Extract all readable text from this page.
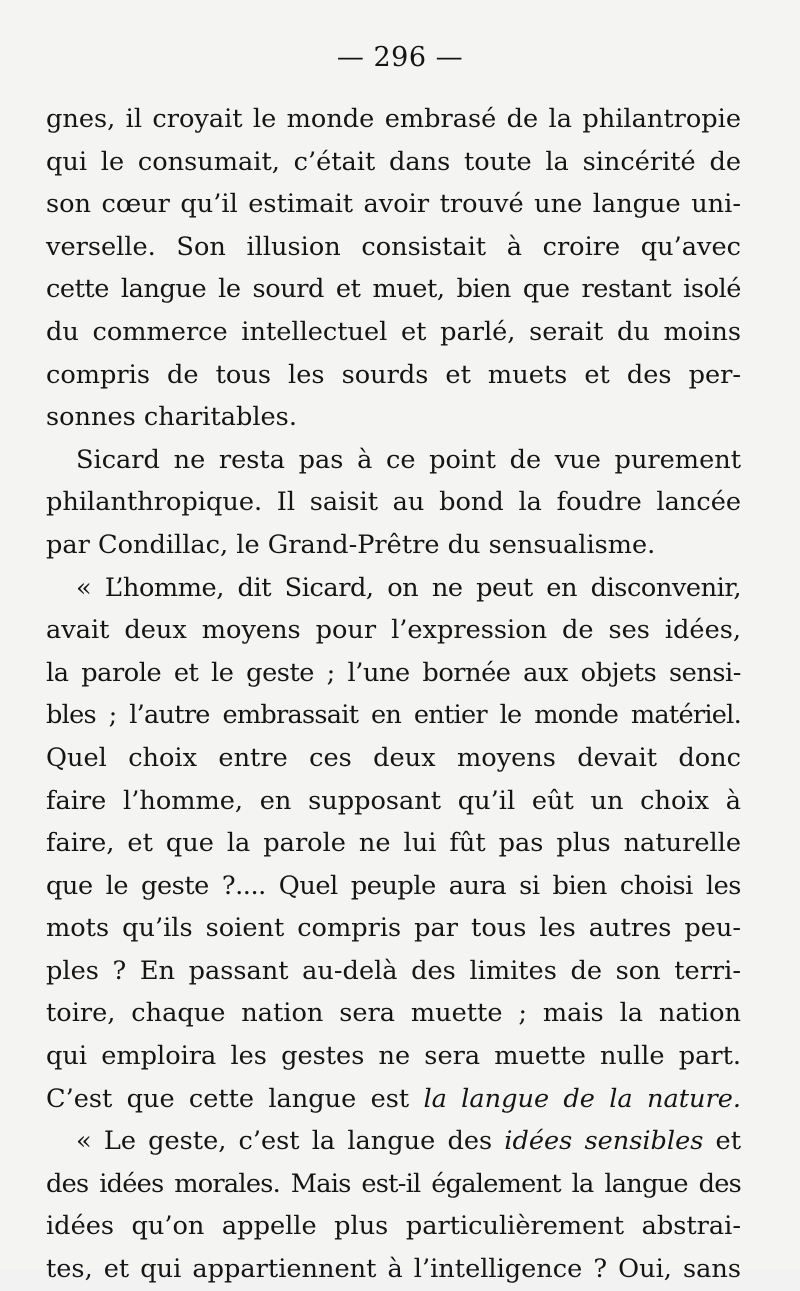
— 296 —
gnes, il croyait le monde embrasé de la philantropie
qui le consumait, c’était dans toute la sincérité de
son cœur qu’il estimait avoir trouvé une langue uni-
verselle. Son illusion consistait à croire qu’avec
cette langue le sourd et muet, bien que restant isolé
du commerce intellectuel et parlé, serait du moins
compris de tous les sourds et muets et des per-
sonnes charitables.
Sicard ne resta pas à ce point de vue purement
philanthropique. Il saisit au bond la foudre lancée
par Condillac, le Grand-Prêtre du sensualisme.
« L’homme, dit Sicard, on ne peut en disconvenir,
avait deux moyens pour l’expression de ses idées,
la parole et le geste ; l’une bornée aux objets sensi-
bles ; l’autre embrassait en entier le monde matériel.
Quel choix entre ces deux moyens devait donc
faire l’homme, en supposant qu’il eût un choix à
faire, et que la parole ne lui fût pas plus naturelle
que le geste ?.... Quel peuple aura si bien choisi les
mots qu’ils soient compris par tous les autres peu-
ples ? En passant au-delà des limites de son terri-
toire, chaque nation sera muette ; mais la nation
qui emploira les gestes ne sera muette nulle part.
C’est que cette langue est la langue de la nature.
« Le geste, c’est la langue des idées sensibles et
des idées morales. Mais est-il également la langue des
idées qu’on appelle plus particulièrement abstrai-
tes, et qui appartiennent à l’intelligence ? Oui, sans
